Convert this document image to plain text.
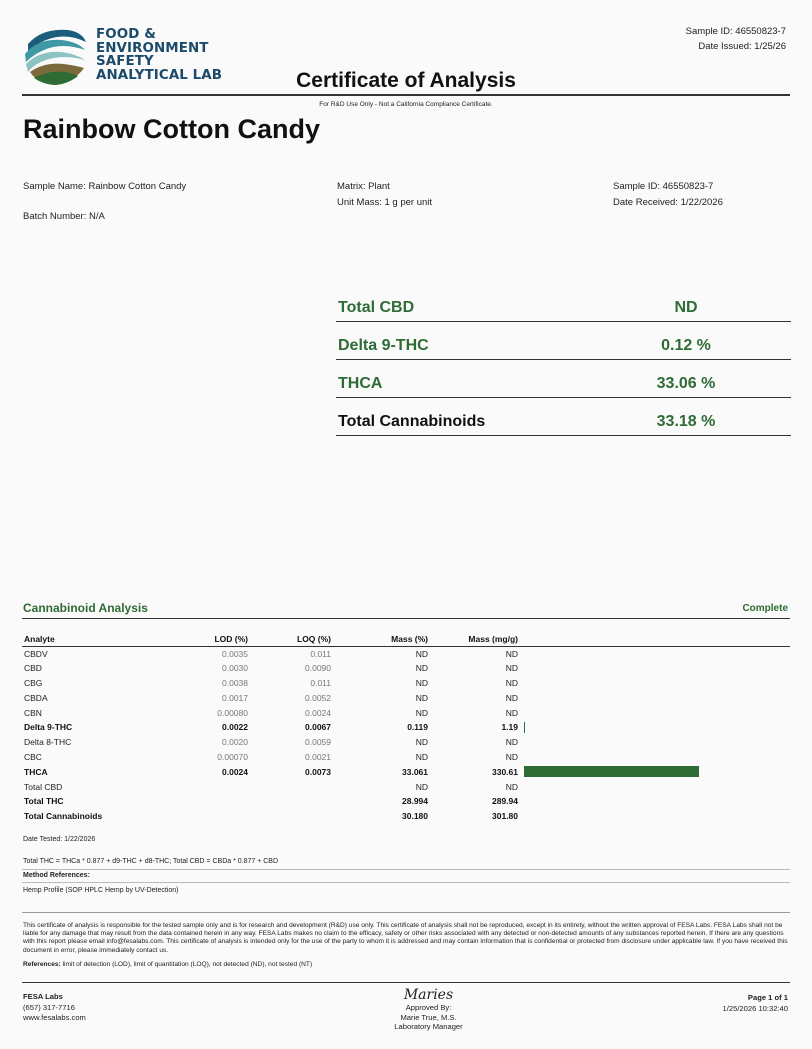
FOOD &
ENVIRONMENT
SAFETY
ANALYTICAL LAB
Sample ID: 46550823-7
Date Issued: 1/25/26
Certificate of Analysis
For R&D Use Only - Not a California Compliance Certificate.
Rainbow Cotton Candy
Sample Name: Rainbow Cotton Candy
Batch Number: N/A
Matrix: Plant
Unit Mass: 1 g per unit
Sample ID: 46550823-7
Date Received: 1/22/2026
Total CBD	ND
Delta 9-THC	0.12 %
THCA	33.06 %
Total Cannabinoids	33.18 %
Cannabinoid Analysis	Complete
Analyte	LOD (%)	LOQ (%)	Mass (%)	Mass (mg/g)	
CBDV	0.0035	0.011	ND	ND	
CBD	0.0030	0.0090	ND	ND	
CBG	0.0038	0.011	ND	ND	
CBDA	0.0017	0.0052	ND	ND	
CBN	0.00080	0.0024	ND	ND	
Delta 9-THC	0.0022	0.0067	0.119	1.19	

Delta 8-THC	0.0020	0.0059	ND	ND	
CBC	0.00070	0.0021	ND	ND	
THCA	0.0024	0.0073	33.061	330.61	

Total CBD			ND	ND	
Total THC			28.994	289.94	
Total Cannabinoids			30.180	301.80	
Date Tested: 1/22/2026
Total THC = THCa * 0.877 + d9-THC + d8-THC; Total CBD = CBDa * 0.877 + CBD
Method References:
Hemp Profile (SOP HPLC Hemp by UV-Detection)
This certificate of analysis is responsible for the tested sample only and is for research and development (R&D) use only. This certificate of analysis shall not be reproduced, except in its entirety, without the written approval of FESA Labs. FESA Labs shall not be liable for any damage that may result from the data contained herein in any way. FESA Labs makes no claim to the efficacy, safety or other risks associated with any detected or non-detected amounts of any substances reported herein. If there are any questions with this report please email info@fesalabs.com. This certificate of analysis is intended only for the use of the party to whom it is addressed and may contain information that is confidential or protected from disclosure under applicable law. If you have received this document in error, please immediately contact us.
References: limit of detection (LOD), limit of quantitation (LOQ), not detected (ND), not tested (NT)
FESA Labs
(657) 317-7716
www.fesalabs.com
Maries
Approved By:
Marie True, M.S.
Laboratory Manager
Page 1 of 1
1/25/2026 10:32:40
